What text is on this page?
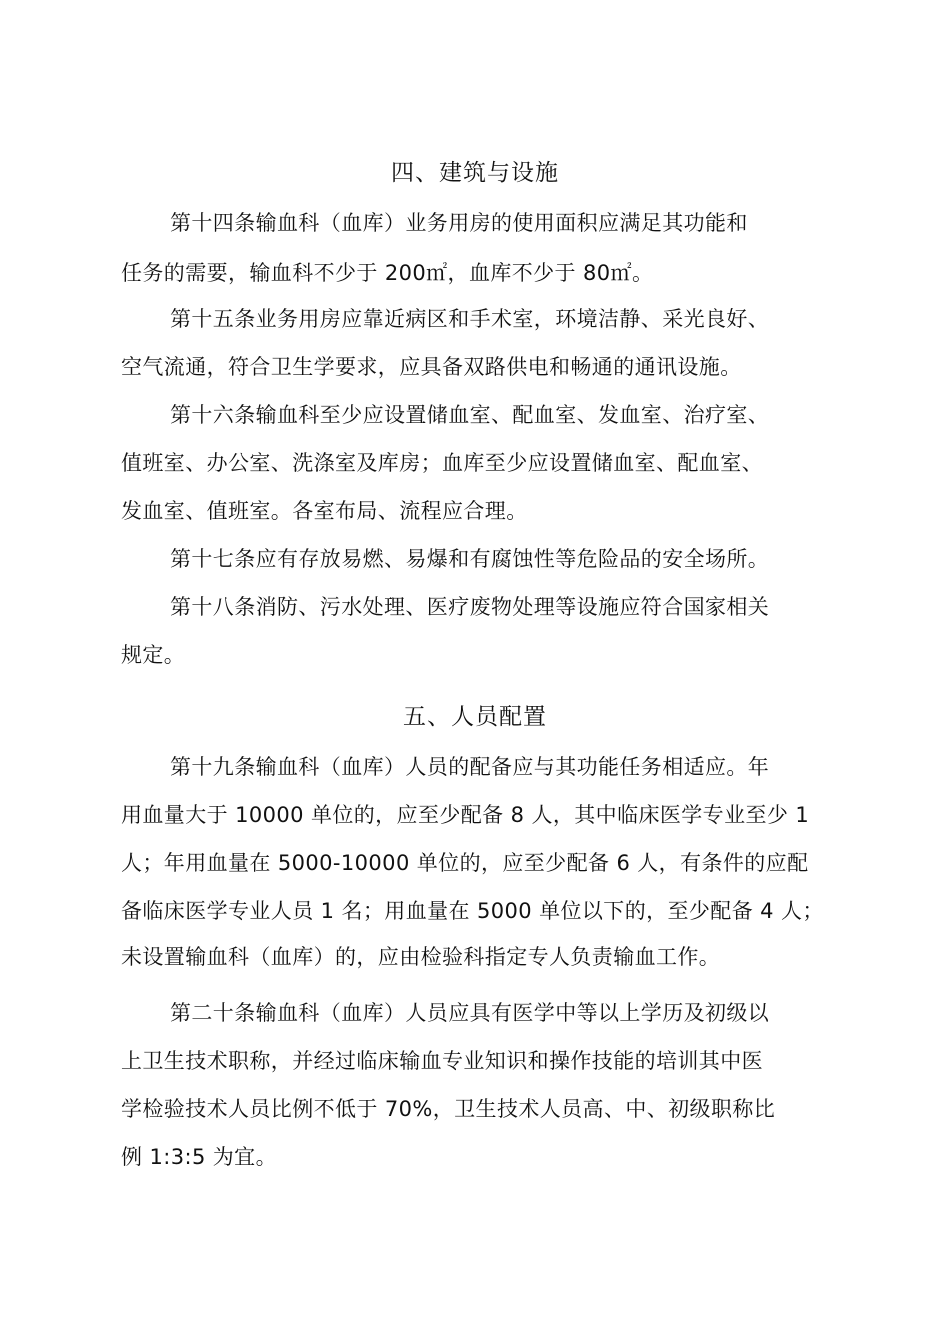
四、建筑与设施
第十四条输血科（血库）业务用房的使用面积应满足其功能和
任务的需要，输血科不少于 200㎡，血库不少于 80㎡。
第十五条业务用房应靠近病区和手术室，环境洁静、采光良好、
空气流通，符合卫生学要求，应具备双路供电和畅通的通讯设施。
第十六条输血科至少应设置储血室、配血室、发血室、治疗室、
值班室、办公室、洗涤室及库房；血库至少应设置储血室、配血室、
发血室、值班室。各室布局、流程应合理。
第十七条应有存放易燃、易爆和有腐蚀性等危险品的安全场所。
第十八条消防、污水处理、医疗废物处理等设施应符合国家相关
规定。
五、人员配置
第十九条输血科（血库）人员的配备应与其功能任务相适应。年
用血量大于 10000 单位的，应至少配备 8 人，其中临床医学专业至少 1
人；年用血量在 5000-10000 单位的，应至少配备 6 人，有条件的应配
备临床医学专业人员 1 名；用血量在 5000 单位以下的，至少配备 4 人；
未设置输血科（血库）的，应由检验科指定专人负责输血工作。
第二十条输血科（血库）人员应具有医学中等以上学历及初级以
上卫生技术职称，并经过临床输血专业知识和操作技能的培训其中医
学检验技术人员比例不低于 70%，卫生技术人员高、中、初级职称比
例 1:3:5 为宜。
